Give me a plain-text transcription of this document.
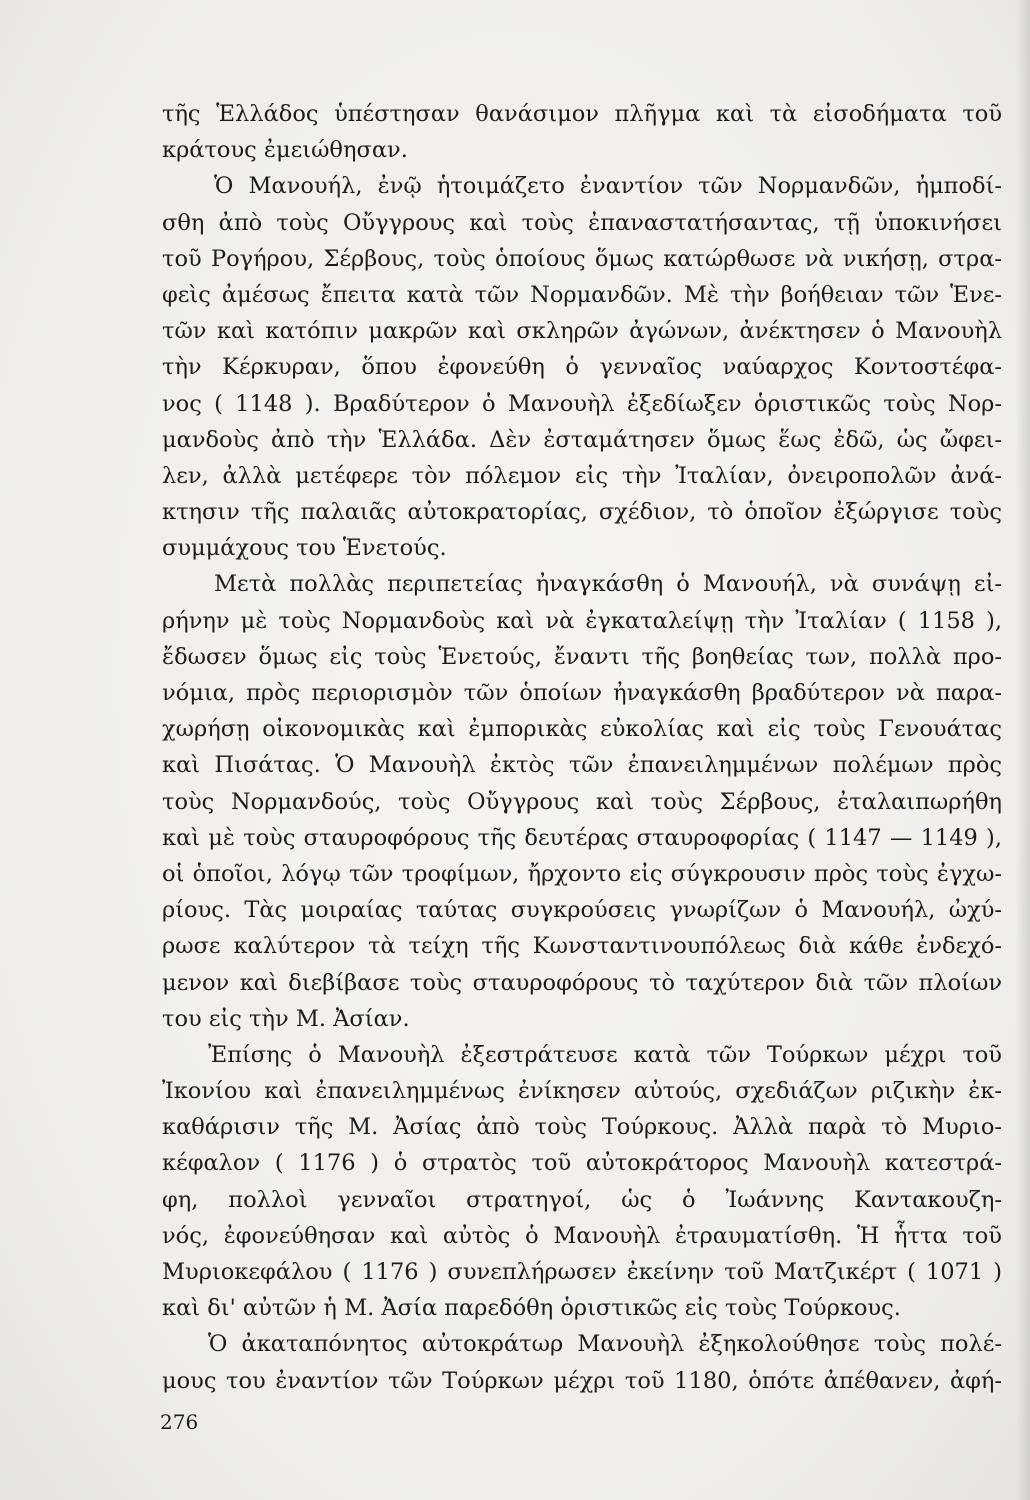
τῆς Ἑλλάδος ὑπέστησαν θανάσιμον πλῆγμα καὶ τὰ εἰσοδήματα τοῦ
κράτους ἐμειώθησαν.
Ὁ Μανουήλ, ἐνῷ ἡτοιμάζετο ἐναντίον τῶν Νορμανδῶν, ἠμποδί-
σθη ἀπὸ τοὺς Οὔγγρους καὶ τοὺς ἐπαναστατήσαντας, τῇ ὑποκινήσει
τοῦ Ρογήρου, Σέρβους, τοὺς ὁποίους ὅμως κατώρθωσε νὰ νικήσῃ, στρα-
φεὶς ἀμέσως ἔπειτα κατὰ τῶν Νορμανδῶν. Μὲ τὴν βοήθειαν τῶν Ἑνε-
τῶν καὶ κατόπιν μακρῶν καὶ σκληρῶν ἀγώνων, ἀνέκτησεν ὁ Μανουὴλ
τὴν Κέρκυραν, ὅπου ἐφονεύθη ὁ γενναῖος ναύαρχος Κοντοστέφα-
νος ( 1148 ). Βραδύτερον ὁ Μανουὴλ ἐξεδίωξεν ὁριστικῶς τοὺς Νορ-
μανδοὺς ἀπὸ τὴν Ἑλλάδα. Δὲν ἐσταμάτησεν ὅμως ἕως ἐδῶ, ὡς ὤφει-
λεν, ἀλλὰ μετέφερε τὸν πόλεμον εἰς τὴν Ἰταλίαν, ὀνειροπολῶν ἀνά-
κτησιν τῆς παλαιᾶς αὐτοκρατορίας, σχέδιον, τὸ ὁποῖον ἐξώργισε τοὺς
συμμάχους του Ἑνετούς.
Μετὰ πολλὰς περιπετείας ἠναγκάσθη ὁ Μανουήλ, νὰ συνάψῃ εἰ-
ρήνην μὲ τοὺς Νορμανδοὺς καὶ νὰ ἐγκαταλείψῃ τὴν Ἰταλίαν ( 1158 ),
ἔδωσεν ὅμως εἰς τοὺς Ἑνετούς, ἔναντι τῆς βοηθείας των, πολλὰ προ-
νόμια, πρὸς περιορισμὸν τῶν ὁποίων ἠναγκάσθη βραδύτερον νὰ παρα-
χωρήσῃ οἰκονομικὰς καὶ ἐμπορικὰς εὐκολίας καὶ εἰς τοὺς Γενουάτας
καὶ Πισάτας. Ὁ Μανουὴλ ἐκτὸς τῶν ἐπανειλημμένων πολέμων πρὸς
τοὺς Νορμανδούς, τοὺς Οὔγγρους καὶ τοὺς Σέρβους, ἐταλαιπωρήθη
καὶ μὲ τοὺς σταυροφόρους τῆς δευτέρας σταυροφορίας ( 1147 — 1149 ),
οἱ ὁποῖοι, λόγῳ τῶν τροφίμων, ἤρχοντο εἰς σύγκρουσιν πρὸς τοὺς ἐγχω-
ρίους. Τὰς μοιραίας ταύτας συγκρούσεις γνωρίζων ὁ Μανουήλ, ὠχύ-
ρωσε καλύτερον τὰ τείχη τῆς Κωνσταντινουπόλεως διὰ κάθε ἐνδεχό-
μενον καὶ διεβίβασε τοὺς σταυροφόρους τὸ ταχύτερον διὰ τῶν πλοίων
του εἰς τὴν Μ. Ἀσίαν.
Ἐπίσης ὁ Μανουὴλ ἐξεστράτευσε κατὰ τῶν Τούρκων μέχρι τοῦ
Ἰκονίου καὶ ἐπανειλημμένως ἐνίκησεν αὐτούς, σχεδιάζων ριζικὴν ἐκ-
καθάρισιν τῆς Μ. Ἀσίας ἀπὸ τοὺς Τούρκους. Ἀλλὰ παρὰ τὸ Μυριο-
κέφαλον ( 1176 ) ὁ στρατὸς τοῦ αὐτοκράτορος Μανουὴλ κατεστρά-
φη, πολλοὶ γενναῖοι στρατηγοί, ὡς ὁ Ἰωάννης Καντακουζη-
νός, ἐφονεύθησαν καὶ αὐτὸς ὁ Μανουὴλ ἐτραυματίσθη. Ἡ ἧττα τοῦ
Μυριοκεφάλου ( 1176 ) συνεπλήρωσεν ἐκείνην τοῦ Ματζικέρτ ( 1071 )
καὶ δι' αὐτῶν ἡ Μ. Ἀσία παρεδόθη ὁριστικῶς εἰς τοὺς Τούρκους.
Ὁ ἀκαταπόνητος αὐτοκράτωρ Μανουὴλ ἐξηκολούθησε τοὺς πολέ-
μους του ἐναντίον τῶν Τούρκων μέχρι τοῦ 1180, ὁπότε ἀπέθανεν, ἀφή-
276
